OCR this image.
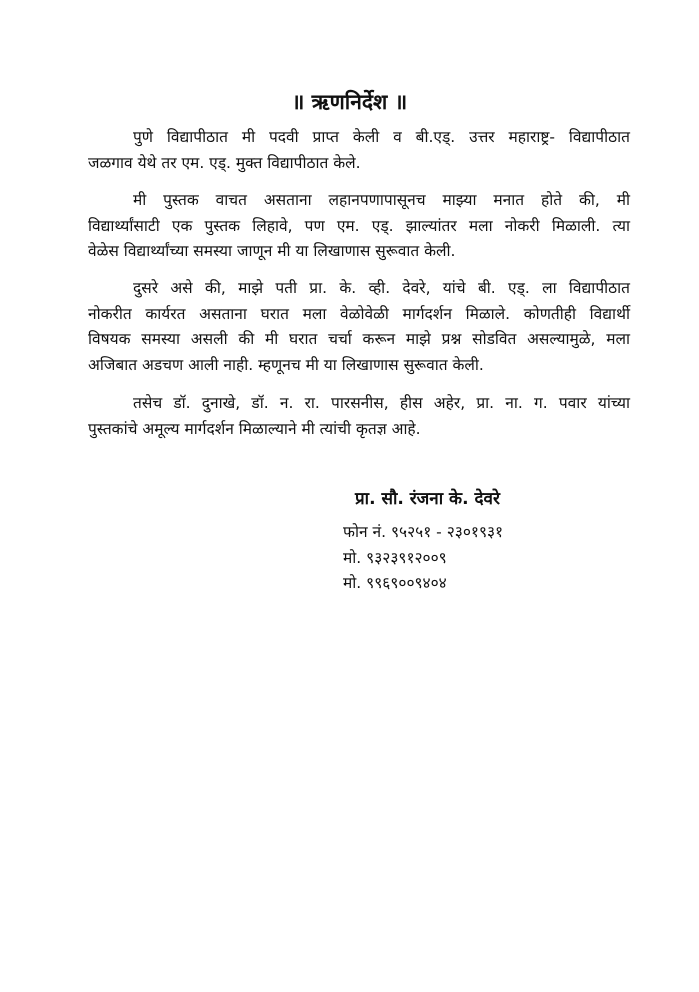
॥ ऋणनिर्देश ॥
पुणे विद्यापीठात मी पदवी प्राप्त केली व बी.एड्. उत्तर महाराष्ट्र- विद्यापीठात
जळगाव येथे तर एम. एड्. मुक्त विद्यापीठात केले.
मी पुस्तक वाचत असताना लहानपणापासूनच माझ्या मनात होते की, मी
विद्यार्थ्यांसाटी एक पुस्तक लिहावे, पण एम. एड्. झाल्यांतर मला नोकरी मिळाली. त्या
वेळेस विद्यार्थ्यांच्या समस्या जाणून मी या लिखाणास सुरूवात केली.
दुसरे असे की, माझे पती प्रा. के. व्ही. देवरे, यांचे बी. एड्. ला विद्यापीठात
नोकरीत कार्यरत असताना घरात मला वेळोवेळी मार्गदर्शन मिळाले. कोणतीही विद्यार्थी
विषयक समस्या असली की मी घरात चर्चा करून माझे प्रश्न सोडवित असल्यामुळे, मला
अजिबात अडचण आली नाही. म्हणूनच मी या लिखाणास सुरूवात केली.
तसेच डॉ. दुनाखे, डॉ. न. रा. पारसनीस, हीस अहेर, प्रा. ना. ग. पवार यांच्या
पुस्तकांचे अमूल्य मार्गदर्शन मिळाल्याने मी त्यांची कृतज्ञ आहे.
प्रा. सौ. रंजना के. देवरे
फोन नं. ९५२५१ - २३०१९३१
मो. ९३२३९१२००९
मो. ९९६९००९४०४
